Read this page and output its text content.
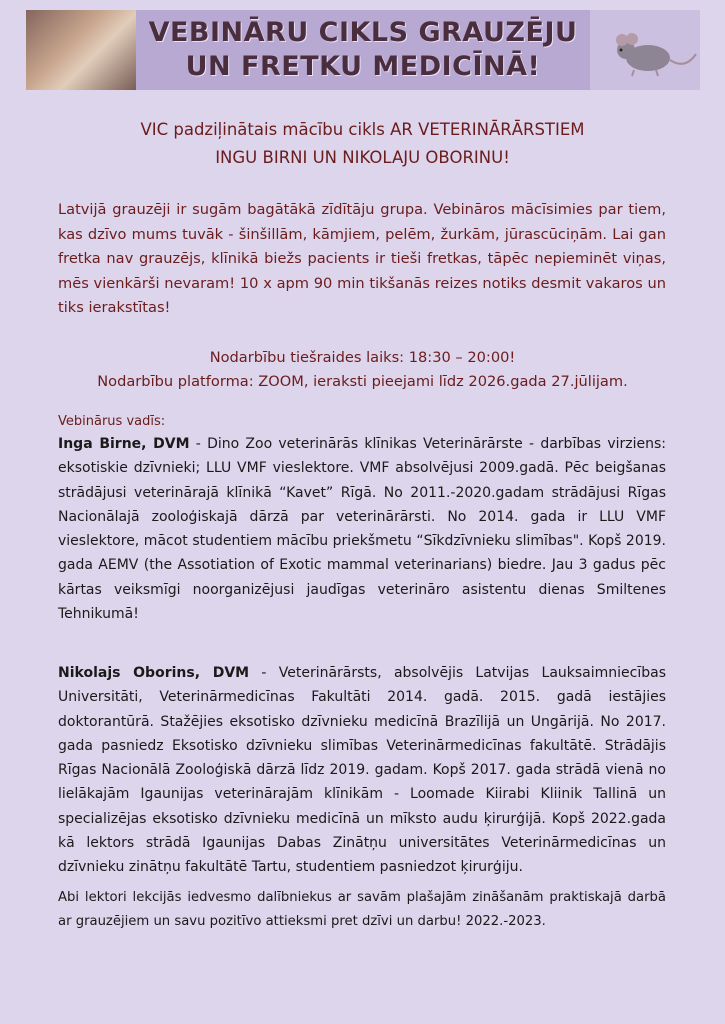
VEBINĀRU CIKLS GRAUZĒJU
UN FRETKU MEDICĪNĀ!
VIC padziļinātais mācību cikls AR VETERINĀRĀRSTIEM
INGU BIRNI UN NIKOLAJU OBORINU!

Latvijā grauzēji ir sugām bagātākā zīdītāju grupa. Vebināros mācīsimies par tiem, kas dzīvo mums tuvāk - šinšillām, kāmjiem, pelēm, žurkām, jūrascūciņām. Lai gan fretka nav grauzējs, klīnikā biežs pacients ir tieši fretkas, tāpēc nepieminēt viņas, mēs vienkārši nevaram! 10 x apm 90 min tikšanās reizes notiks desmit vakaros un tiks ierakstītas!

Nodarbību tiešraides laiks: 18:30 – 20:00!
Nodarbību platforma: ZOOM, ieraksti pieejami līdz 2026.gada 27.jūlijam.
Vebinārus vadīs:

Inga Birne, DVM - Dino Zoo veterinārās klīnikas Veterinārārste - darbības virziens: eksotiskie dzīvnieki; LLU VMF vieslektore. VMF absolvējusi 2009.gadā. Pēc beigšanas strādājusi veterinārajā klīnikā “Kavet” Rīgā. No 2011.-2020.gadam strādājusi Rīgas Nacionālajā zooloģiskajā dārzā par veterinārārsti. No 2014. gada ir LLU VMF vieslektore, mācot studentiem mācību priekšmetu “Sīkdzīvnieku slimības". Kopš 2019. gada AEMV (the Assotiation of Exotic mammal veterinarians) biedre. Jau 3 gadus pēc kārtas veiksmīgi noorganizējusi jaudīgas veterināro asistentu dienas Smiltenes Tehnikumā!

Nikolajs Oborins, DVM - Veterinārārsts, absolvējis Latvijas Lauksaimniecības Universitāti, Veterinārmedicīnas Fakultāti 2014. gadā. 2015. gadā iestājies doktorantūrā. Stažējies eksotisko dzīvnieku medicīnā Brazīlijā un Ungārijā. No 2017. gada pasniedz Eksotisko dzīvnieku slimības Veterinārmedicīnas fakultātē. Strādājis Rīgas Nacionālā Zooloģiskā dārzā līdz 2019. gadam. Kopš 2017. gada strādā vienā no lielākajām Igaunijas veterinārajām klīnikām - Loomade Kiirabi Kliinik Tallinā un specializējas eksotisko dzīvnieku medicīnā un mīksto audu ķirurģijā. Kopš 2022.gada kā lektors strādā Igaunijas Dabas Zinātņu universitātes Veterinārmedicīnas un dzīvnieku zinātņu fakultātē Tartu, studentiem pasniedzot ķirurģiju.

Abi lektori lekcijās iedvesmo dalībniekus ar savām plašajām zināšanām praktiskajā darbā ar grauzējiem un savu pozitīvo attieksmi pret dzīvi un darbu! 2022.-2023.
